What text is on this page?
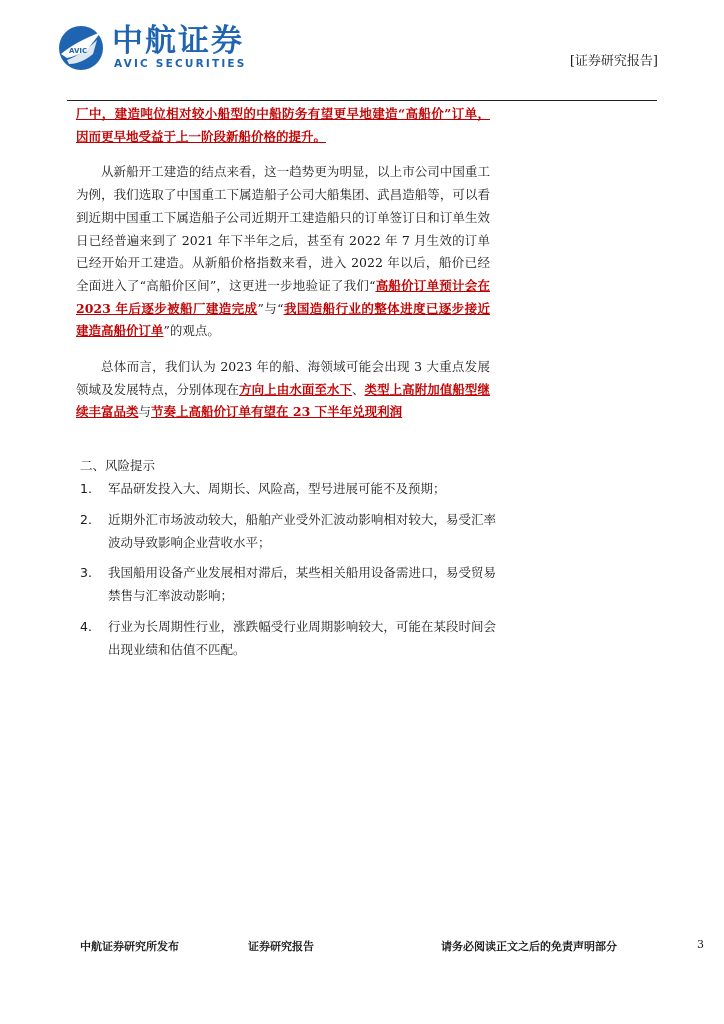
AVIC 中航证券
AVIC SECURITIES	[证券研究报告]

厂中，建造吨位相对较小船型的中船防务有望更早地建造“高船价”订单，因而更早地受益于上一阶段新船价格的提升。

从新船开工建造的结点来看，这一趋势更为明显，以上市公司中国重工为例，我们选取了中国重工下属造船子公司大船集团、武昌造船等，可以看到近期中国重工下属造船子公司近期开工建造船只的订单签订日和订单生效日已经普遍来到了 2021 年下半年之后，甚至有 2022 年 7 月生效的订单已经开始开工建造。从新船价格指数来看，进入 2022 年以后，船价已经全面进入了“高船价区间”，这更进一步地验证了我们“高船价订单预计会在 2023 年后逐步被船厂建造完成”与“我国造船行业的整体进度已逐步接近建造高船价订单”的观点。

总体而言，我们认为 2023 年的船、海领域可能会出现 3 大重点发展领域及发展特点，分别体现在方向上由水面至水下、类型上高附加值船型继续丰富品类与节奏上高船价订单有望在 23 下半年兑现利润

二、风险提示
1.	军品研发投入大、周期长、风险高，型号进展可能不及预期；
2.	近期外汇市场波动较大，船舶产业受外汇波动影响相对较大，易受汇率波动导致影响企业营收水平；
3.	我国船用设备产业发展相对滞后，某些相关船用设备需进口，易受贸易禁售与汇率波动影响；
4.	行业为长周期性行业，涨跌幅受行业周期影响较大，可能在某段时间会出现业绩和估值不匹配。
中航证券研究所发布	证券研究报告	请务必阅读正文之后的免责声明部分	3
